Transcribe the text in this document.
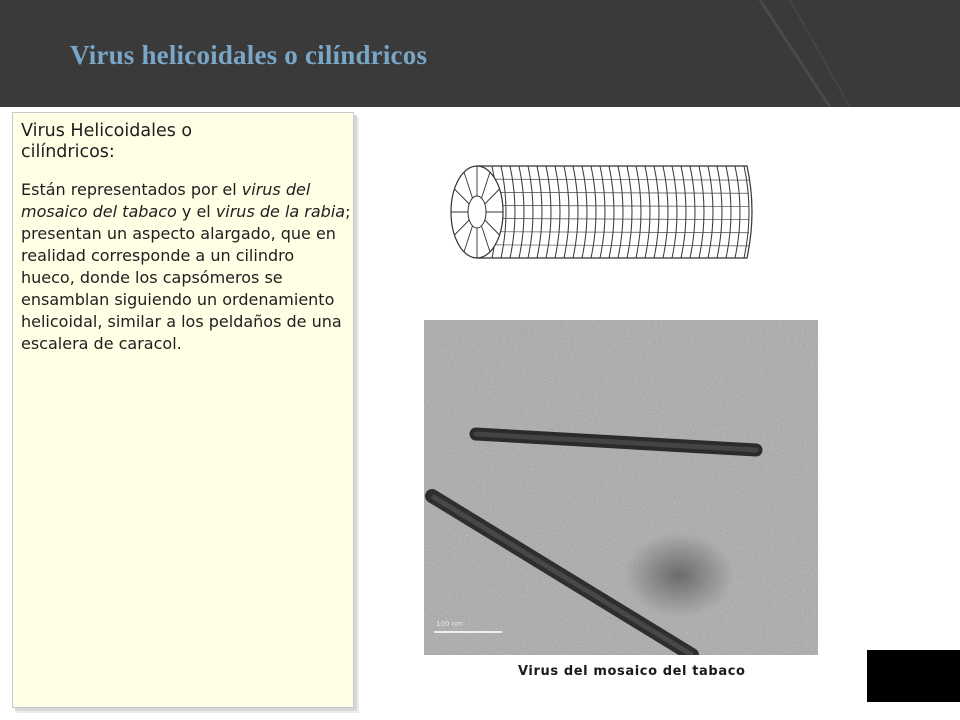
Virus helicoidales o cilíndricos
Virus Helicoidales o
cilíndricos:

Están representados por el virus del mosaico del tabaco y el virus de la rabia; presentan un aspecto alargado, que en realidad corresponde a un cilindro hueco, donde los capsómeros se ensamblan siguiendo un ordenamiento helicoidal, similar a los peldaños de una escalera de caracol.

100 nm

Virus del mosaico del tabaco
